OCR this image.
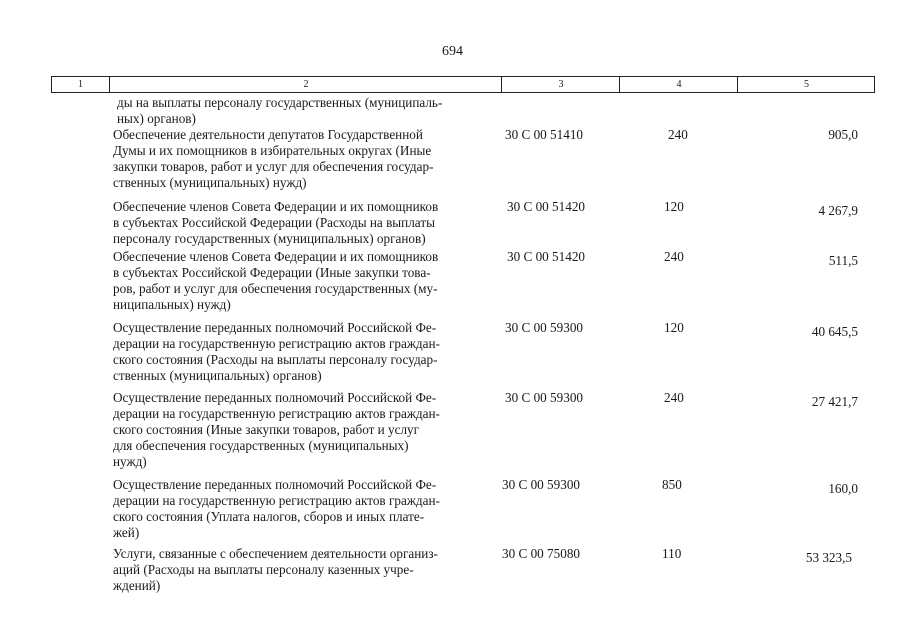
694
1	2	3	4	5
ды на выплаты персоналу государственных (муниципаль-
ных) органов)
Обеспечение деятельности депутатов Государственной
Думы и их помощников в избирательных округах (Иные
закупки товаров, работ и услуг для обеспечения государ-
ственных (муниципальных) нужд)
30 С 00 51410	240	905,0
Обеспечение членов Совета Федерации и их помощников
в субъектах Российской Федерации (Расходы на выплаты
персоналу государственных (муниципальных) органов)
30 С 00 51420	120	4 267,9
Обеспечение членов Совета Федерации и их помощников
в субъектах Российской Федерации (Иные закупки това-
ров, работ и услуг для обеспечения государственных (му-
ниципальных) нужд)
30 С 00 51420	240	511,5
Осуществление переданных полномочий Российской Фе-
дерации на государственную регистрацию актов граждан-
ского состояния (Расходы на выплаты персоналу государ-
ственных (муниципальных) органов)
30 С 00 59300	120	40 645,5
Осуществление переданных полномочий Российской Фе-
дерации на государственную регистрацию актов граждан-
ского состояния (Иные закупки товаров, работ и услуг
для обеспечения государственных (муниципальных)
нужд)
30 С 00 59300	240	27 421,7
Осуществление переданных полномочий Российской Фе-
дерации на государственную регистрацию актов граждан-
ского состояния (Уплата налогов, сборов и иных плате-
жей)
30 С 00 59300	850	160,0
Услуги, связанные с обеспечением деятельности организ-
аций (Расходы на выплаты персоналу казенных учре-
ждений)
30 С 00 75080	110	53 323,5
